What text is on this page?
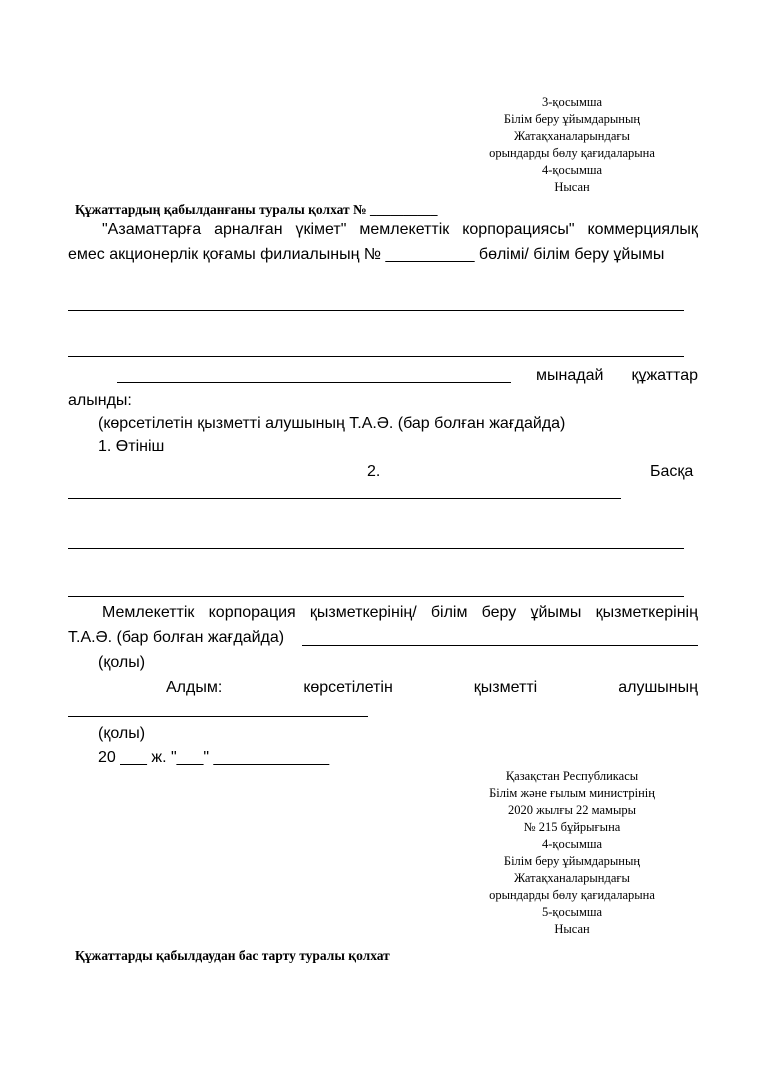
3-қосымша
Білім беру ұйымдарының
Жатақханаларындағы
орындарды бөлу қағидаларына
4-қосымша
Нысан
Құжаттардың қабылданғаны туралы қолхат № __________
"Азаматтарға арналған үкімет" мемлекеттік корпорациясы" коммерциялық
емес акционерлік қоғамы филиалының № __________ бөлімі/ білім беру ұйымы
мынадай құжаттар
алынды:
(көрсетілетін қызметті алушының Т.А.Ә. (бар болған жағдайда)
1. Өтініш
2.	Басқа
Мемлекеттік корпорация қызметкерінің/ білім беру ұйымы қызметкерінің
Т.А.Ә. (бар болған жағдайда)
(қолы)
Алдым:	көрсетілетін	қызметті	алушының
(қолы)
20 ___ ж. "___" _____________
Қазақстан Республикасы
Білім және ғылым министрінің
2020 жылғы 22 мамыры
№ 215 бұйрығына
4-қосымша
Білім беру ұйымдарының
Жатақханаларындағы
орындарды бөлу қағидаларына
5-қосымша
Нысан
Құжаттарды қабылдаудан бас тарту туралы қолхат
